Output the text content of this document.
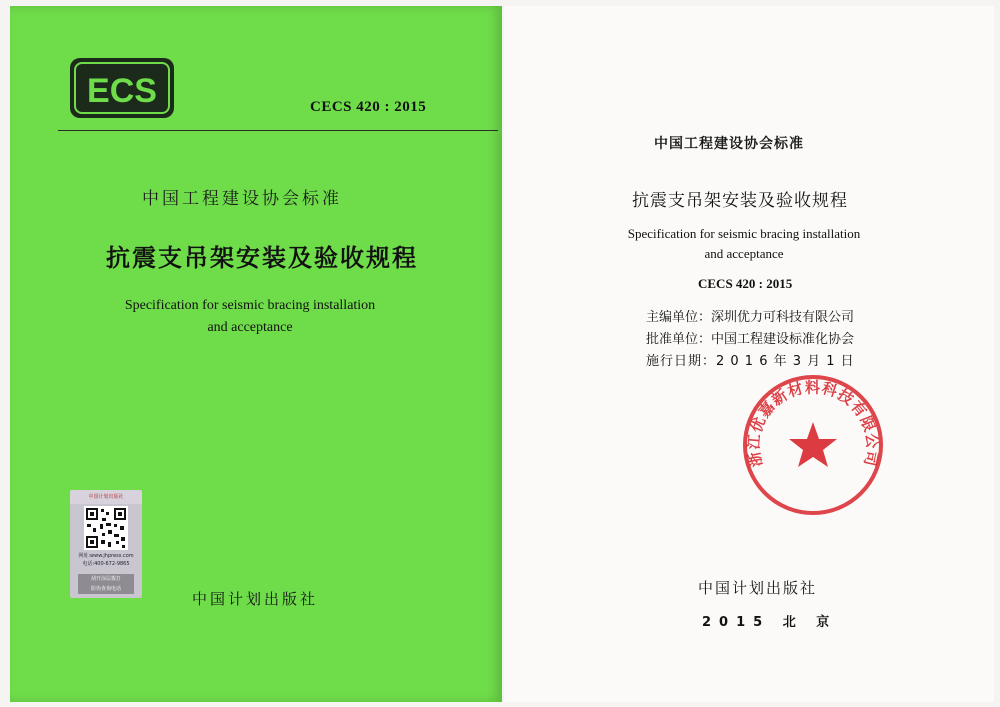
ECS	CECS 420 : 2015
中国工程建设协会标准
抗震支吊架安装及验收规程
Specification for seismic bracing installation
and acceptance
中国计划出版社
网址:www.jhpress.com
电话:400-672-9865
刮开涂层拨打
防伪查询电话
中国计划出版社
中国工程建设协会标准
抗震支吊架安装及验收规程
Specification for seismic bracing installation
and acceptance
CECS 420 : 2015
主编单位：深圳优力可科技有限公司
批准单位：中国工程建设标准化协会
施行日期：2 0 1 6 年 3 月 1 日
浙江优嘉新材料科技有限公司
中国计划出版社
2015 北 京
